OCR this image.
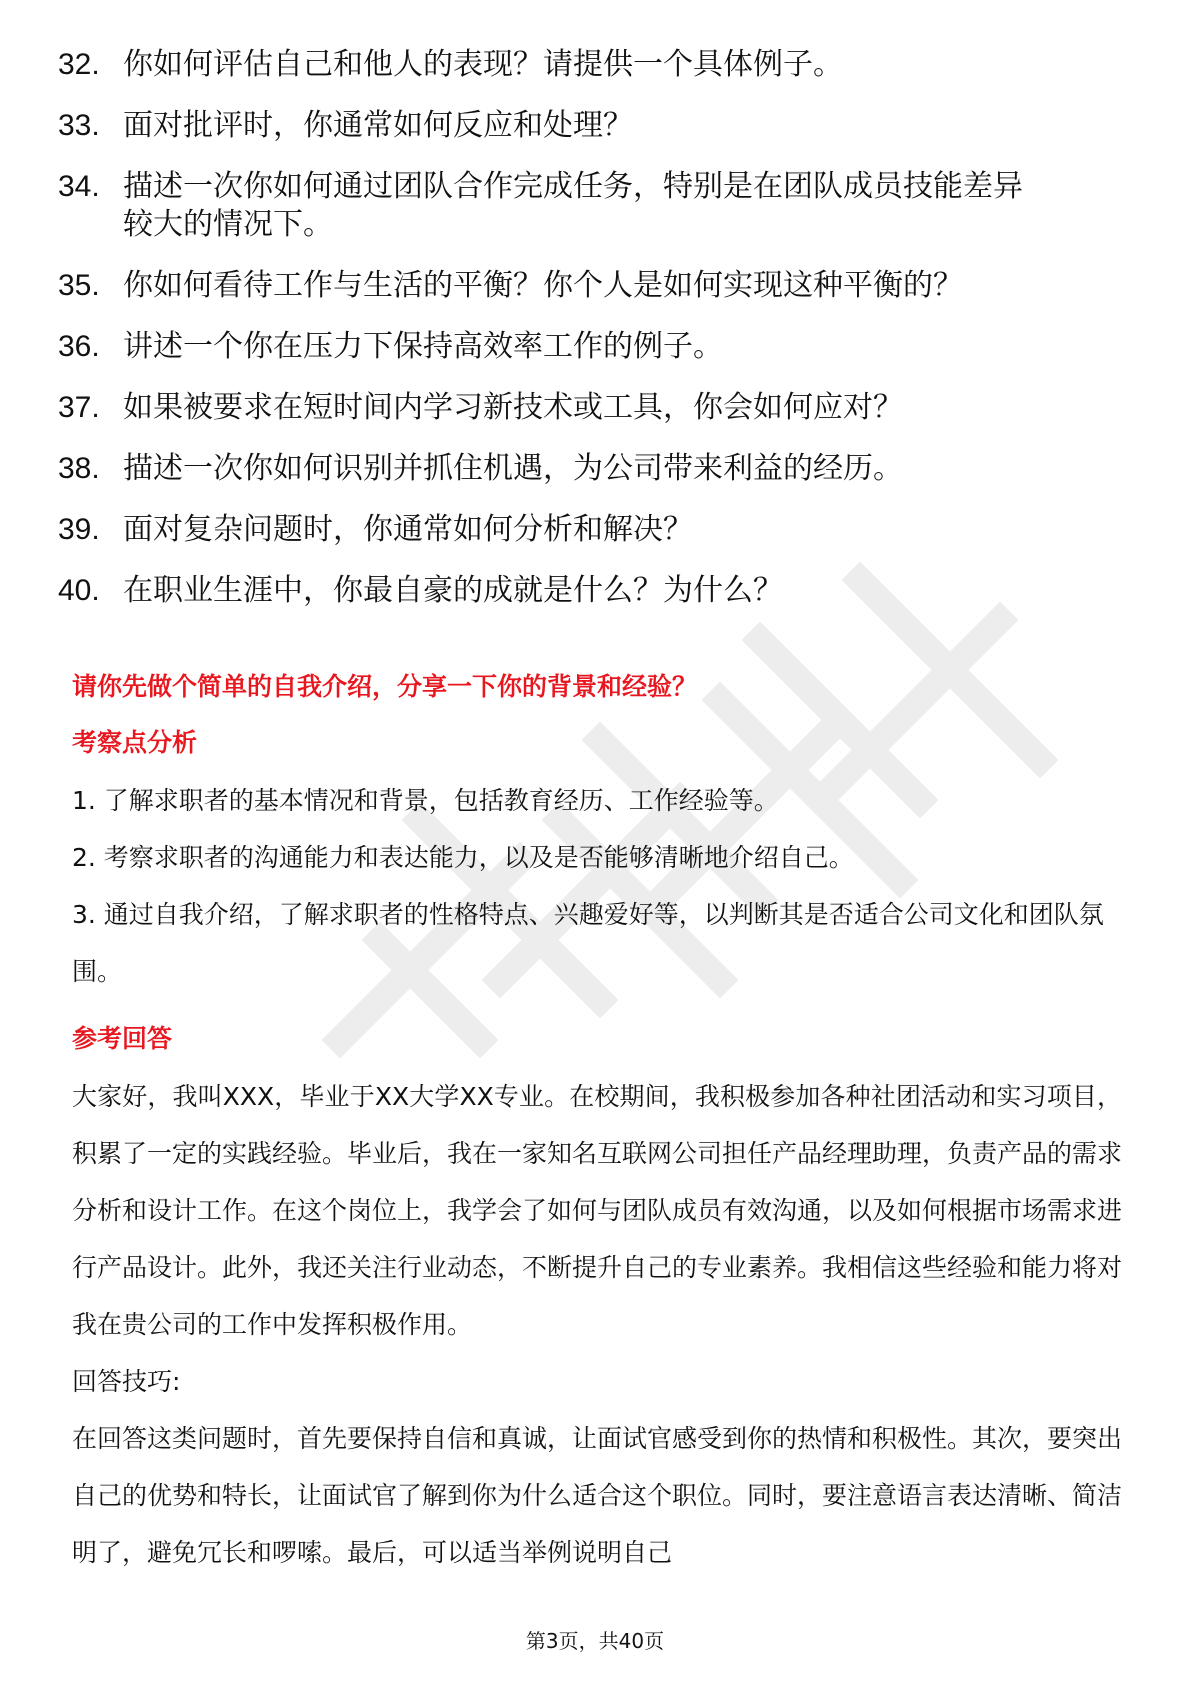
32. 你如何评估自己和他人的表现？请提供一个具体例子。
33. 面对批评时，你通常如何反应和处理？
34. 描述一次你如何通过团队合作完成任务，特别是在团队成员技能差异较大的情况下。
35. 你如何看待工作与生活的平衡？你个人是如何实现这种平衡的？
36. 讲述一个你在压力下保持高效率工作的例子。
37. 如果被要求在短时间内学习新技术或工具，你会如何应对？
38. 描述一次你如何识别并抓住机遇，为公司带来利益的经历。
39. 面对复杂问题时，你通常如何分析和解决？
40. 在职业生涯中，你最自豪的成就是什么？为什么？

请你先做个简单的自我介绍，分享一下你的背景和经验？

考察点分析

1. 了解求职者的基本情况和背景，包括教育经历、工作经验等。

2. 考察求职者的沟通能力和表达能力，以及是否能够清晰地介绍自己。

3. 通过自我介绍，了解求职者的性格特点、兴趣爱好等，以判断其是否适合公司文化和团队氛围。

参考回答

大家好，我叫XXX，毕业于XX大学XX专业。在校期间，我积极参加各种社团活动和实习项目，积累了一定的实践经验。毕业后，我在一家知名互联网公司担任产品经理助理，负责产品的需求分析和设计工作。在这个岗位上，我学会了如何与团队成员有效沟通，以及如何根据市场需求进行产品设计。此外，我还关注行业动态，不断提升自己的专业素养。我相信这些经验和能力将对我在贵公司的工作中发挥积极作用。

回答技巧:

在回答这类问题时，首先要保持自信和真诚，让面试官感受到你的热情和积极性。其次，要突出自己的优势和特长，让面试官了解到你为什么适合这个职位。同时，要注意语言表达清晰、简洁明了，避免冗长和啰嗦。最后，可以适当举例说明自己

第3页，共40页
